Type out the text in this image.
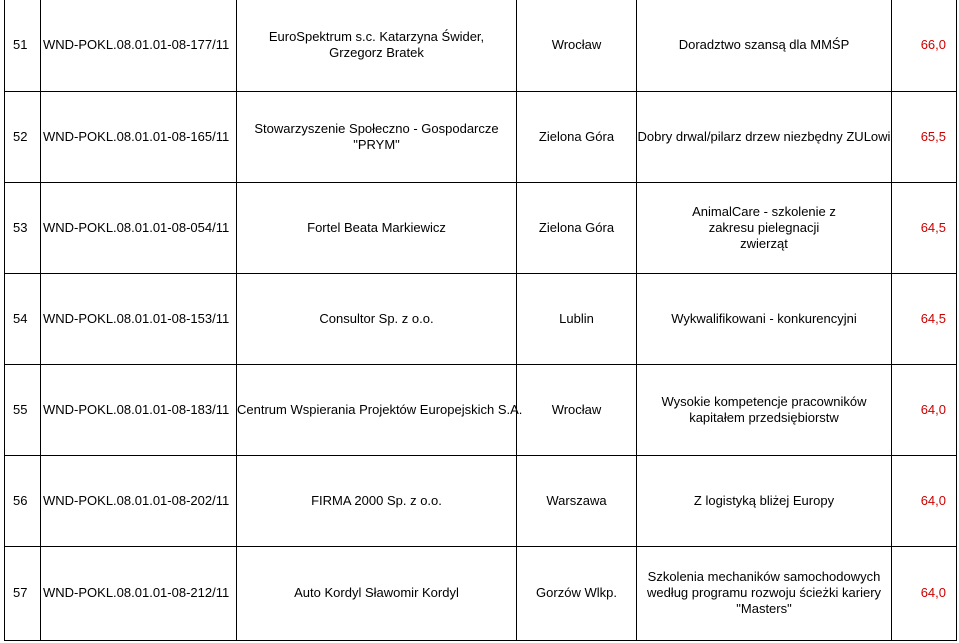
51	WND-POKL.08.01.01-08-177/11	EuroSpektrum s.c. Katarzyna Świder, Grzegorz Bratek	Wrocław	Doradztwo szansą dla MMŚP	66,0
52	WND-POKL.08.01.01-08-165/11	Stowarzyszenie Społeczno - Gospodarcze "PRYM"	Zielona Góra	Dobry drwal/pilarz drzew niezbędny ZULowi	65,5
53	WND-POKL.08.01.01-08-054/11	Fortel Beata Markiewicz	Zielona Góra	AnimalCare - szkolenie z zakresu pielegnacji zwierząt	64,5
54	WND-POKL.08.01.01-08-153/11	Consultor Sp. z o.o.	Lublin	Wykwalifikowani - konkurencyjni	64,5
55	WND-POKL.08.01.01-08-183/11	Centrum Wspierania Projektów Europejskich S.A.	Wrocław	Wysokie kompetencje pracowników kapitałem przedsiębiorstw	64,0
56	WND-POKL.08.01.01-08-202/11	FIRMA 2000 Sp. z o.o.	Warszawa	Z logistyką bliżej Europy	64,0
57	WND-POKL.08.01.01-08-212/11	Auto Kordyl Sławomir Kordyl	Gorzów Wlkp.	Szkolenia mechaników samochodowych według programu rozwoju ścieżki kariery "Masters"	64,0
